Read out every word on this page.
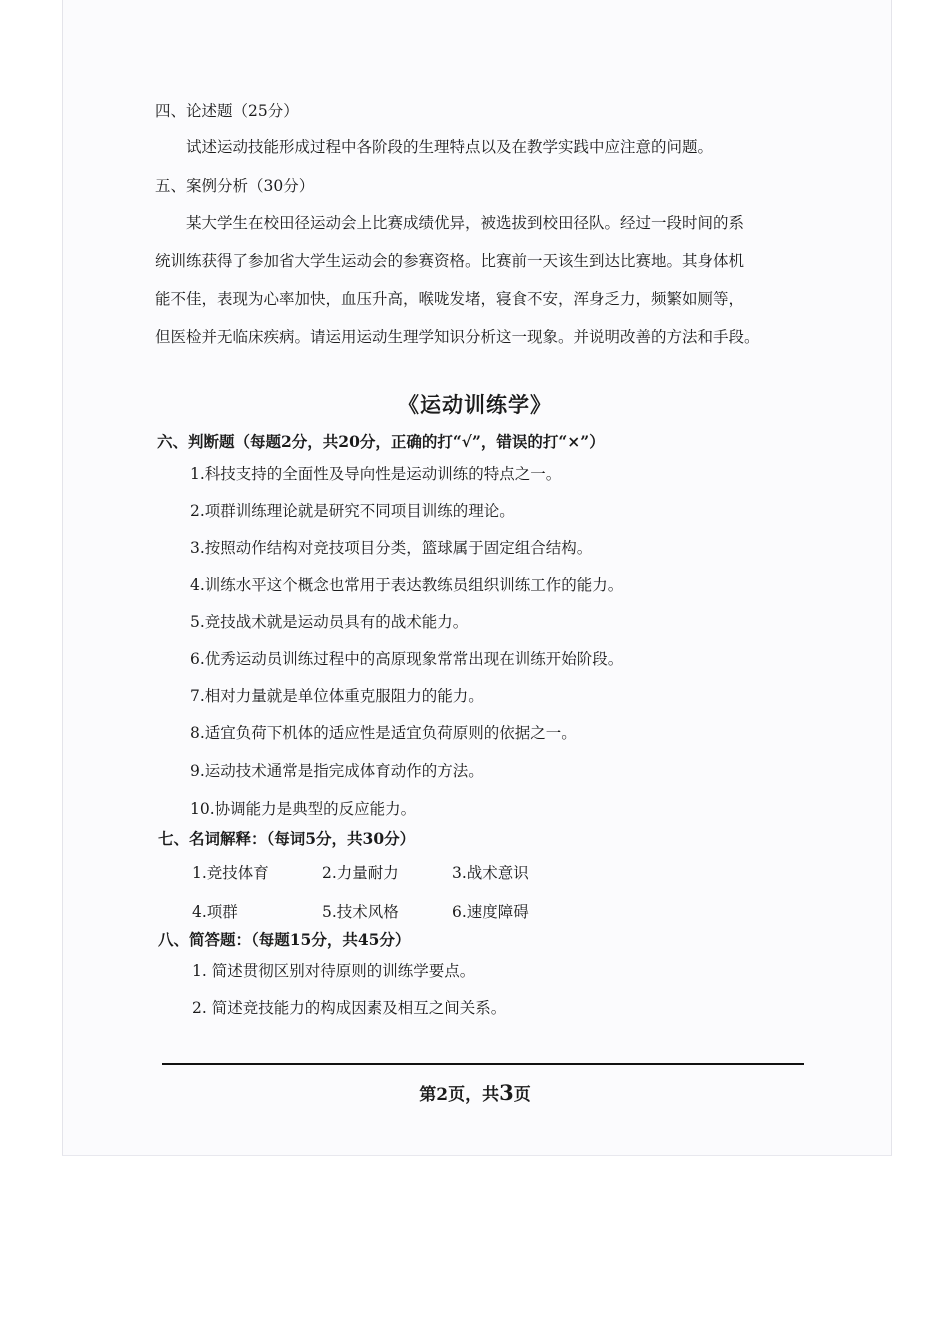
四、论述题（25分）
试述运动技能形成过程中各阶段的生理特点以及在教学实践中应注意的问题。
五、案例分析（30分）
某大学生在校田径运动会上比赛成绩优异，被选拔到校田径队。经过一段时间的系
统训练获得了参加省大学生运动会的参赛资格。比赛前一天该生到达比赛地。其身体机
能不佳，表现为心率加快，血压升高，喉咙发堵，寝食不安，浑身乏力，频繁如厕等，
但医检并无临床疾病。请运用运动生理学知识分析这一现象。并说明改善的方法和手段。
《运动训练学》
六、判断题（每题2分，共20分，正确的打“√”，错误的打“×”）
1.科技支持的全面性及导向性是运动训练的特点之一。
2.项群训练理论就是研究不同项目训练的理论。
3.按照动作结构对竞技项目分类，篮球属于固定组合结构。
4.训练水平这个概念也常用于表达教练员组织训练工作的能力。
5.竞技战术就是运动员具有的战术能力。
6.优秀运动员训练过程中的高原现象常常出现在训练开始阶段。
7.相对力量就是单位体重克服阻力的能力。
8.适宜负荷下机体的适应性是适宜负荷原则的依据之一。
9.运动技术通常是指完成体育动作的方法。
10.协调能力是典型的反应能力。
七、名词解释：（每词5分，共30分）
1.竞技体育	2.力量耐力	3.战术意识
4.项群	5.技术风格	6.速度障碍
八、简答题：（每题15分，共45分）
1. 简述贯彻区别对待原则的训练学要点。
2. 简述竞技能力的构成因素及相互之间关系。
第2页，共3页
